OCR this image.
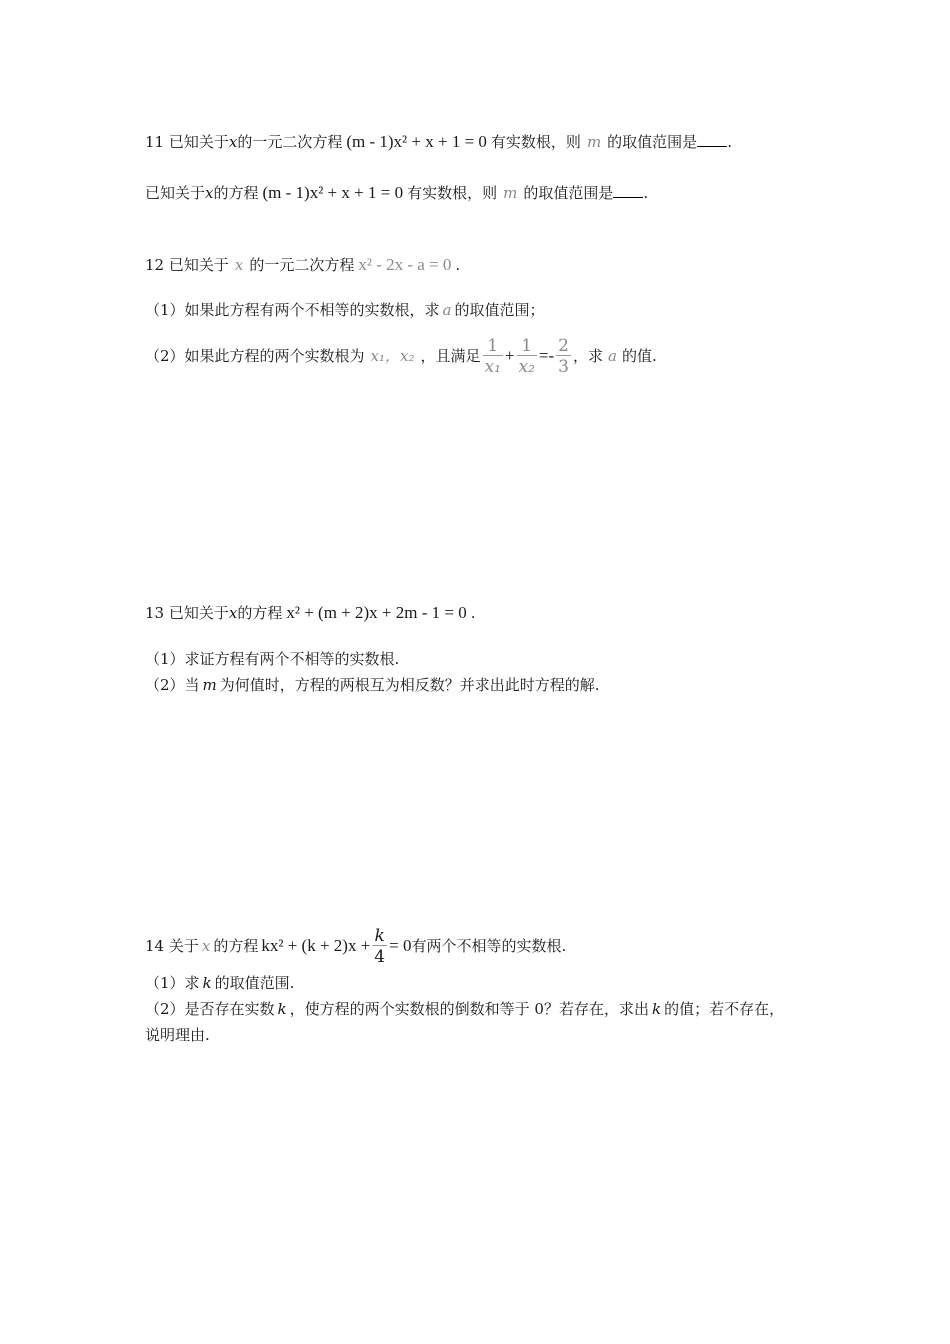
11 已知关于x的一元二次方程 (m - 1)x² + x + 1 = 0 有实数根，则 m 的取值范围是 .
已知关于x的方程 (m - 1)x² + x + 1 = 0 有实数根，则 m 的取值范围是 .
12 已知关于 x 的一元二次方程 x² - 2x - a = 0 .
（1）如果此方程有两个不相等的实数根，求 a 的取值范围；
（2）如果此方程的两个实数根为 x₁，x₂ ，且满足 $\frac{1}{\text{x₁}} + \frac{1}{\text{x₂}} =- \frac{2}{3}$ ，求 a 的值.
13 已知关于x的方程 x² + (m + 2)x + 2m - 1 = 0 .
（1）求证方程有两个不相等的实数根.
（2）当 m 为何值时，方程的两根互为相反数？并求出此时方程的解.
14 关于 x 的方程 $kx^2 + (k + 2)x + \frac{k}{4} = 0$有两个不相等的实数根.
（1）求 k 的取值范围.
（2）是否存在实数 k ，使方程的两个实数根的倒数和等于 0？若存在，求出 k 的值；若不存在，
说明理由.
